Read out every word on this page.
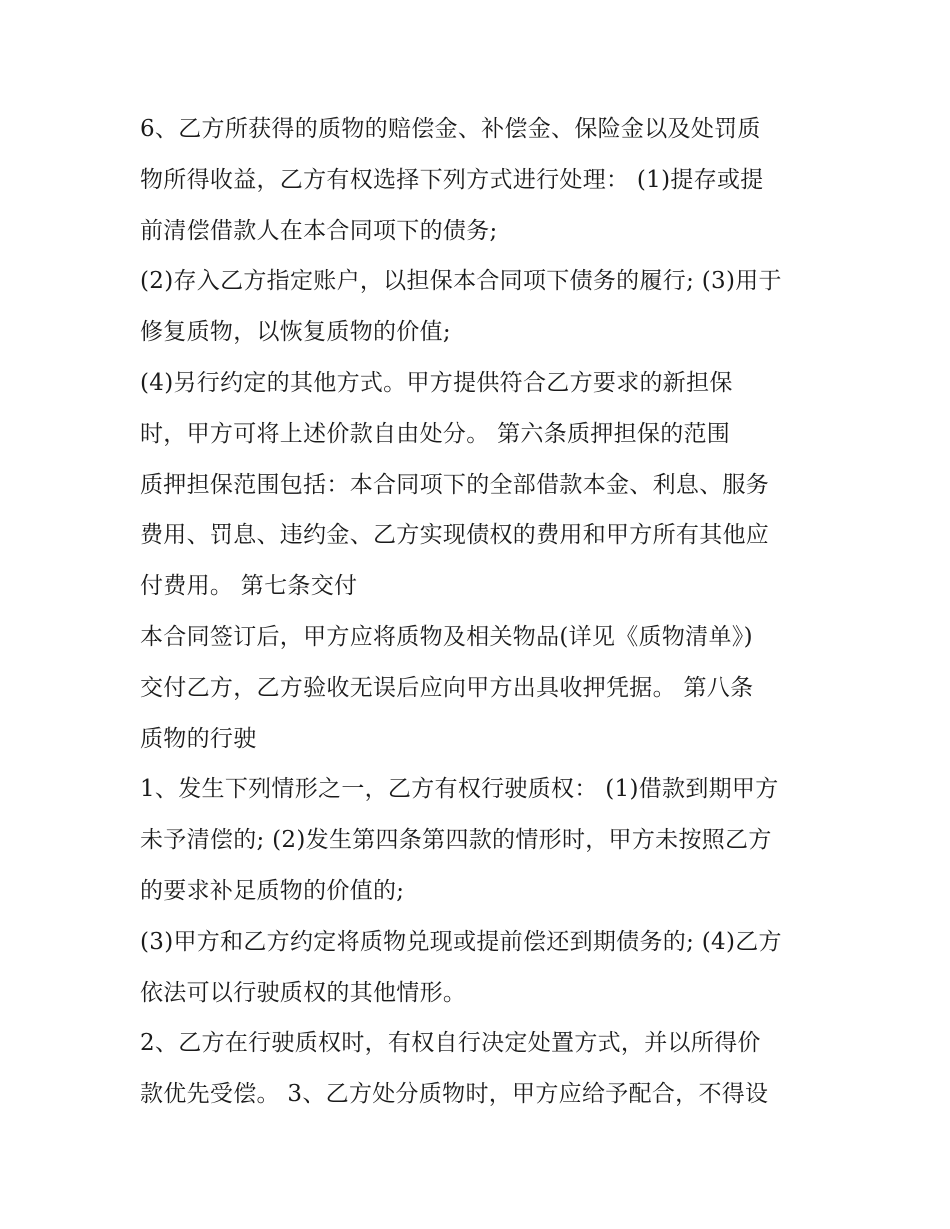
6、乙方所获得的质物的赔偿金、补偿金、保险金以及处罚质
物所得收益，乙方有权选择下列方式进行处理： (1)提存或提
前清偿借款人在本合同项下的债务;
(2)存入乙方指定账户，以担保本合同项下债务的履行; (3)用于
修复质物，以恢复质物的价值;
(4)另行约定的其他方式。甲方提供符合乙方要求的新担保
时，甲方可将上述价款自由处分。 第六条质押担保的范围
质押担保范围包括：本合同项下的全部借款本金、利息、服务
费用、罚息、违约金、乙方实现债权的费用和甲方所有其他应
付费用。 第七条交付
本合同签订后，甲方应将质物及相关物品(详见《质物清单》)
交付乙方，乙方验收无误后应向甲方出具收押凭据。 第八条
质物的行驶
1、发生下列情形之一，乙方有权行驶质权： (1)借款到期甲方
未予清偿的; (2)发生第四条第四款的情形时，甲方未按照乙方
的要求补足质物的价值的;
(3)甲方和乙方约定将质物兑现或提前偿还到期债务的; (4)乙方
依法可以行驶质权的其他情形。
2、乙方在行驶质权时，有权自行决定处置方式，并以所得价
款优先受偿。 3、乙方处分质物时，甲方应给予配合，不得设
